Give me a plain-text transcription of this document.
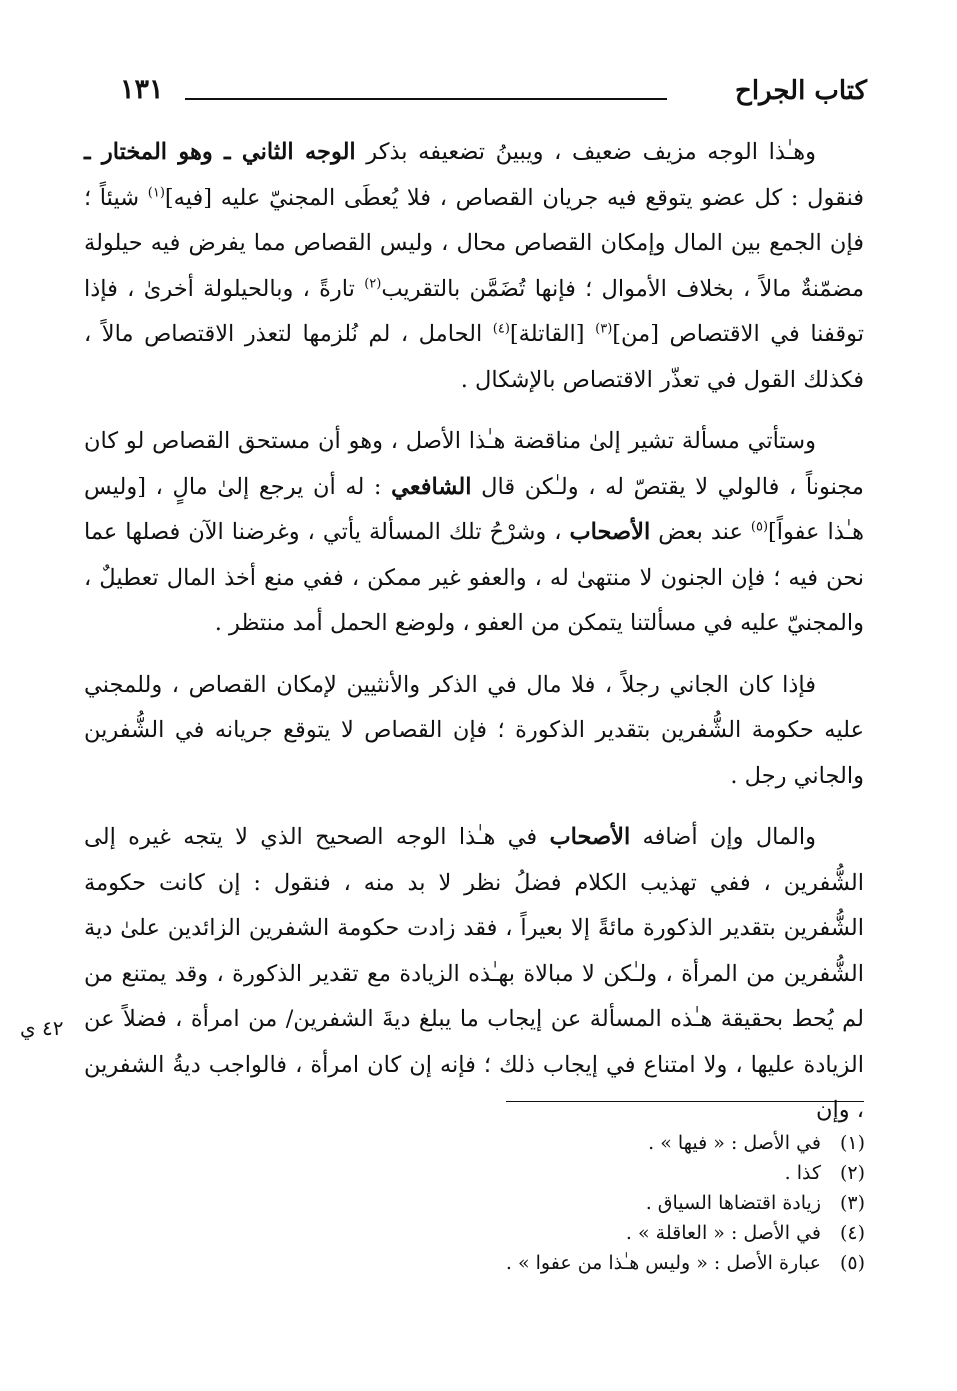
كتاب الجراح
١٣١

وهـٰذا الوجه مزيف ضعيف ، ويبينُ تضعيفه بذكر الوجه الثاني ـ وهو المختار ـ فنقول : كل عضو يتوقع فيه جريان القصاص ، فلا يُعطَى المجنيّ عليه [فيه]$^{(١)}$ شيئاً ؛ فإن الجمع بين المال وإمكان القصاص محال ، وليس القصاص مما يفرض فيه حيلولة مضمّنةٌ مالاً ، بخلاف الأموال ؛ فإنها تُضَمَّن بالتقريب$^{(٢)}$ تارةً ، وبالحيلولة أخرىٰ ، فإذا توقفنا في الاقتصاص [من]$^{(٣)}$ [القاتلة]$^{(٤)}$ الحامل ، لم نُلزمها لتعذر الاقتصاص مالاً ، فكذلك القول في تعذّر الاقتصاص بالإشكال .

وستأتي مسألة تشير إلىٰ مناقضة هـٰذا الأصل ، وهو أن مستحق القصاص لو كان مجنوناً ، فالولي لا يقتصّ له ، ولـٰكن قال الشافعي : له أن يرجع إلىٰ مالٍ ، [وليس هـٰذا عفواً]$^{(٥)}$ عند بعض الأصحاب ، وشرْحُ تلك المسألة يأتي ، وغرضنا الآن فصلها عما نحن فيه ؛ فإن الجنون لا منتهىٰ له ، والعفو غير ممكن ، ففي منع أخذ المال تعطيلٌ ، والمجنيّ عليه في مسألتنا يتمكن من العفو ، ولوضع الحمل أمد منتظر .

فإذا كان الجاني رجلاً ، فلا مال في الذكر والأنثيين لإمكان القصاص ، وللمجني عليه حكومة الشُّفرين بتقدير الذكورة ؛ فإن القصاص لا يتوقع جريانه في الشُّفرين والجاني رجل .

والمال وإن أضافه الأصحاب في هـٰذا الوجه الصحيح الذي لا يتجه غيره إلى الشُّفرين ، ففي تهذيب الكلام فضلُ نظر لا بد منه ، فنقول : إن كانت حكومة الشُّفرين بتقدير الذكورة مائةً إلا بعيراً ، فقد زادت حكومة الشفرين الزائدين علىٰ دية الشُّفرين من المرأة ، ولـٰكن لا مبالاة بهـٰذه الزيادة مع تقدير الذكورة ، وقد يمتنع من لم يُحط بحقيقة هـٰذه المسألة عن إيجاب ما يبلغ ديةَ الشفرين/ من امرأة ، فضلاً عن الزيادة عليها ، ولا امتناع في إيجاب ذلك ؛ فإنه إن كان امرأة ، فالواجب ديةُ الشفرين ، وإن

٤٢ ي
(١)في الأصل : « فيها » .
(٢)كذا .
(٣)زيادة اقتضاها السياق .
(٤)في الأصل : « العاقلة » .
(٥)عبارة الأصل : « وليس هـٰذا من عفوا » .
